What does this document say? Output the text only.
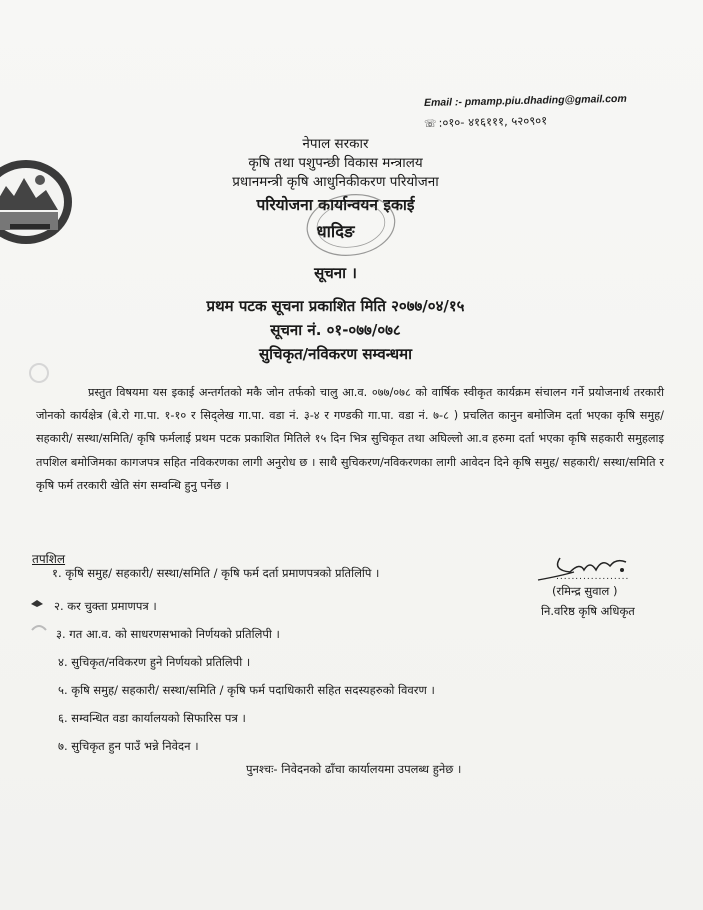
Email :- pmamp.piu.dhading@gmail.com
☏ :०१०- ४१६१११, ५२०९०१
नेपाल सरकार
कृषि तथा पशुपन्छी विकास मन्त्रालय
प्रधानमन्त्री कृषि आधुनिकीकरण परियोजना
परियोजना कार्यान्वयन इकाई
धादिङ
सूचना ।
प्रथम पटक सूचना प्रकाशित मिति २०७७/०४/१५
सूचना नं. ०१-०७७/०७८
सुचिकृत/नविकरण सम्वन्धमा
प्रस्तुत विषयमा यस इकाई अन्तर्गतको मकै जोन तर्फको चालु आ.व. ०७७/०७८ को वार्षिक स्वीकृत कार्यक्रम संचालन गर्ने प्रयोजनार्थ तरकारी जोनको कार्यक्षेत्र (बे.रो गा.पा. १-१० र सिद्लेख गा.पा. वडा नं. ३-४ र गण्डकी गा.पा. वडा नं. ७-८ ) प्रचलित कानुन बमोजिम दर्ता भएका कृषि समुह/ सहकारी/ सस्था/समिति/ कृषि फर्मलाई प्रथम पटक प्रकाशित मितिले १५ दिन भित्र सुचिकृत तथा अघिल्लो आ.व हरुमा दर्ता भएका कृषि सहकारी समुहलाइ तपशिल बमोजिमका कागजपत्र सहित नविकरणका लागी अनुरोध छ । साथै सुचिकरण/नविकरणका लागी आवेदन दिने कृषि समुह/ सहकारी/ सस्था/समिति र कृषि फर्म तरकारी खेति संग सम्वन्धि हुनु पर्नेछ ।
तपशिल
१. कृषि समुह/ सहकारी/ सस्था/समिति / कृषि फर्म दर्ता प्रमाणपत्रको प्रतिलिपि ।
२. कर चुक्ता प्रमाणपत्र ।
३. गत आ.व. को साधरणसभाको निर्णयको प्रतिलिपी ।
४. सुचिकृत/नविकरण हुने निर्णयको प्रतिलिपी ।
५. कृषि समुह/ सहकारी/ सस्था/समिति / कृषि फर्म पदाधिकारी सहित सदस्यहरुको विवरण ।
६. सम्वन्धित वडा कार्यालयको सिफारिस पत्र ।
७. सुचिकृत हुन पाउँ भन्ने निवेदन ।
...................
(रमिन्द्र सुवाल )
नि.वरिष्ठ कृषि अधिकृत
पुनश्चः- निवेदनको ढाँचा कार्यालयमा उपलब्ध हुनेछ ।
